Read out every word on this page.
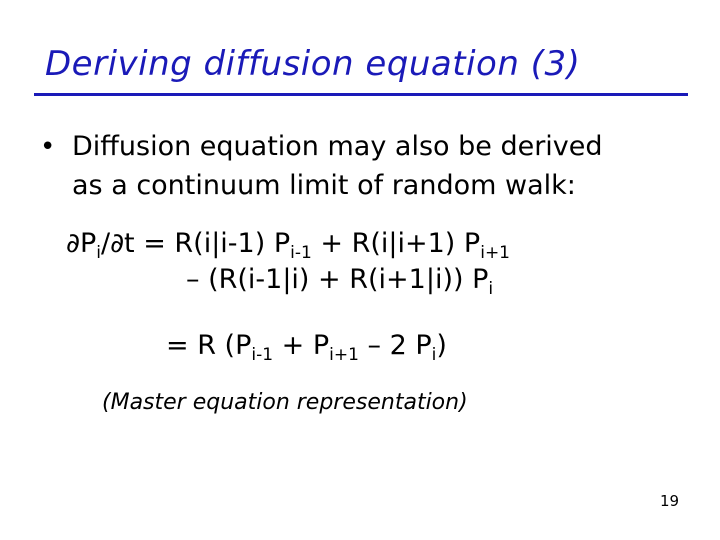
Deriving diffusion equation (3)
• Diffusion equation may also be derived
as a continuum limit of random walk:
$\partial P_i/\partial t = R(i|i-1) P_{i-1} + R(i|i+1)$ $P_{i+1}$
– (R(i-1|i) + R(i+1|i)) $P_i$
= R ($P_{i-1} + P_{i+1} - 2$ $P_i$)
(Master equation representation)
19
